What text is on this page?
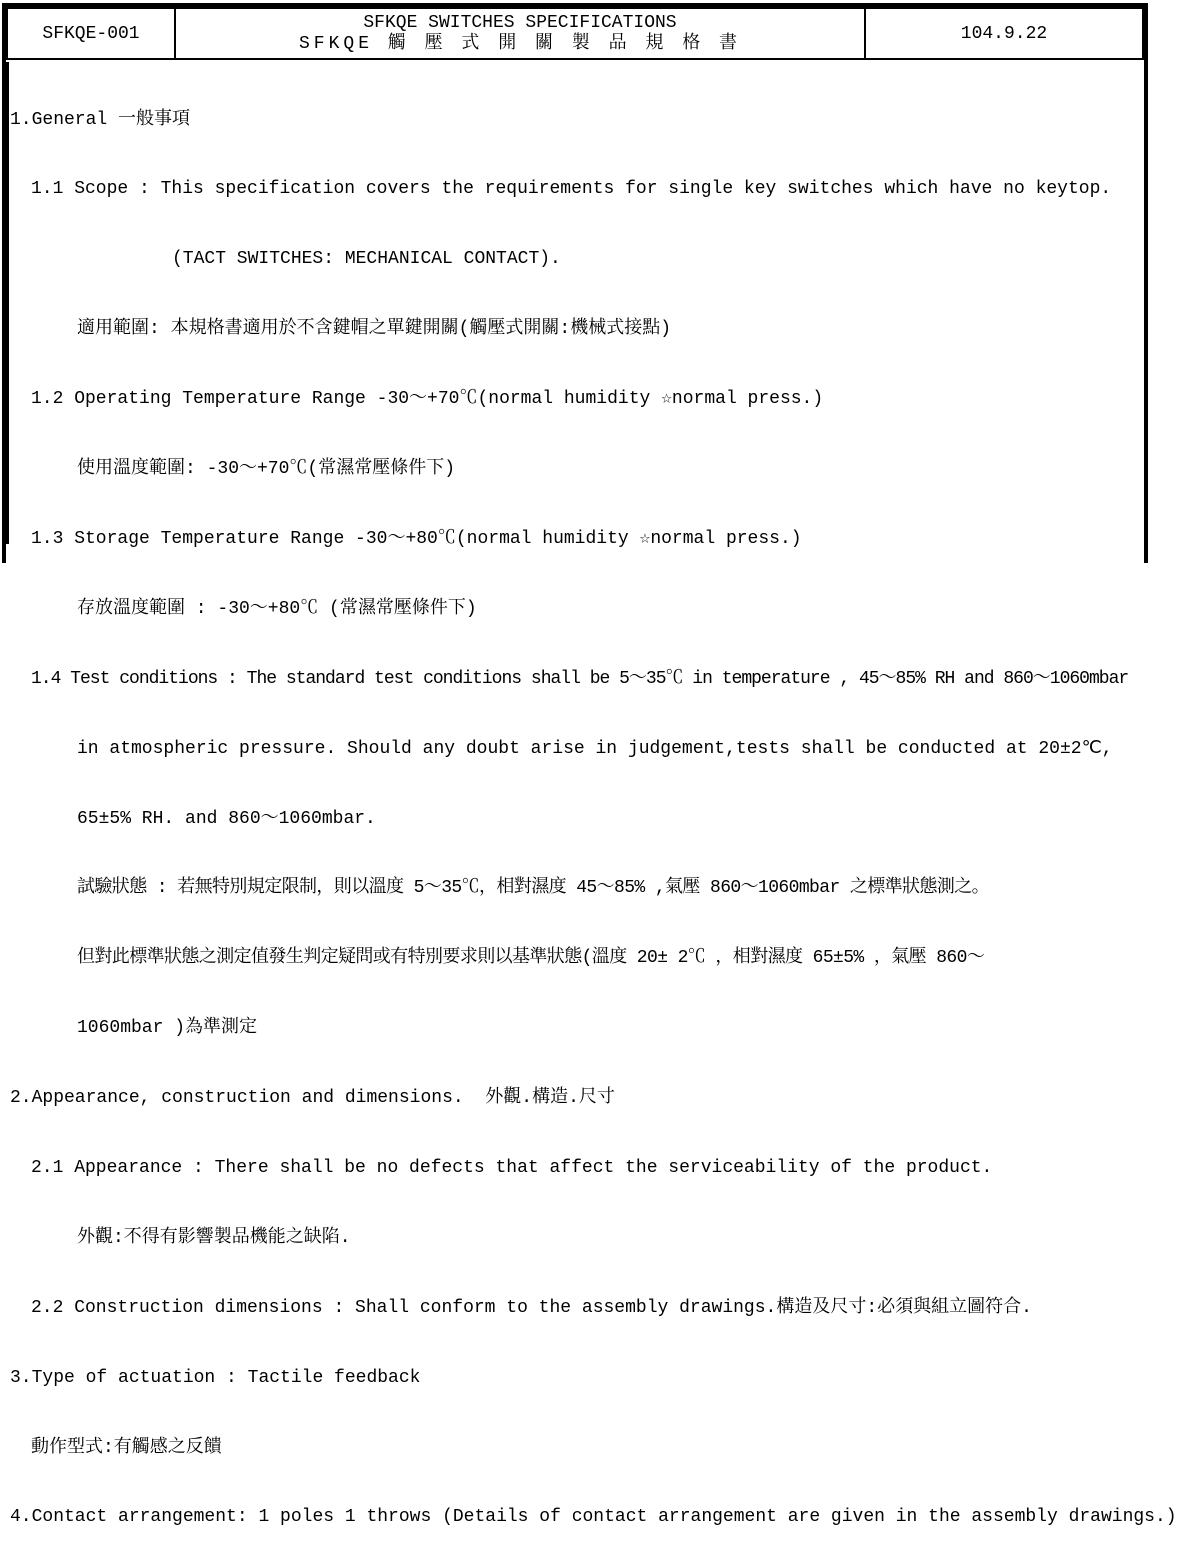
SFKQE-001
SFKQE SWITCHES SPECIFICATIONS
SFKQE 觸 壓 式 開 關 製 品 規 格 書	104.9.22

1.General 一般事項

1.1 Scope : This specification covers the requirements for single key switches which have no keytop.

(TACT SWITCHES: MECHANICAL CONTACT).

適用範圍: 本規格書適用於不含鍵帽之單鍵開關(觸壓式開關:機械式接點)

1.2 Operating Temperature Range -30～+70℃(normal humidity ☆normal press.)

使用溫度範圍: -30～+70℃(常濕常壓條件下)

1.3 Storage Temperature Range -30～+80℃(normal humidity ☆normal press.)

存放溫度範圍 : -30～+80℃ (常濕常壓條件下)

1.4 Test conditions : The standard test conditions shall be 5～35℃ in temperature , 45～85% RH and 860～1060mbar

in atmospheric pressure. Should any doubt arise in judgement,tests shall be conducted at 20±2℃,

65±5% RH. and 860～1060mbar.

試驗狀態 : 若無特別規定限制，則以溫度 5～35℃，相對濕度 45～85% ,氣壓 860～1060mbar 之標準狀態測之。

但對此標準狀態之測定值發生判定疑問或有特別要求則以基準狀態(溫度 20± 2℃ ，相對濕度 65±5% ，氣壓 860～

1060mbar )為準測定

2.Appearance, construction and dimensions.  外觀.構造.尺寸

2.1 Appearance : There shall be no defects that affect the serviceability of the product.

外觀:不得有影響製品機能之缺陷.

2.2 Construction dimensions : Shall conform to the assembly drawings.構造及尺寸:必須與組立圖符合.

3.Type of actuation : Tactile feedback

動作型式:有觸感之反饋

4.Contact arrangement: 1 poles 1 throws (Details of contact arrangement are given in the assembly drawings.)
